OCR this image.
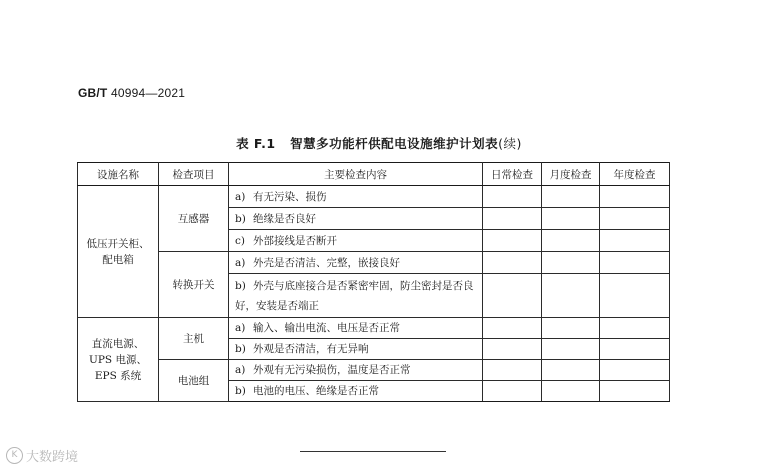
GB/T 40994—2021
表 F.1 智慧多功能杆供配电设施维护计划表(续)
设施名称	检查项目	主要检查内容	日常检查	月度检查	年度检查

低压开关柜、
配电箱	互感器	a) 有无污染、损伤			
		b) 绝缘是否良好			
		c) 外部接线是否断开			
	转换开关	a) 外壳是否清洁、完整，嵌接良好			
		b) 外壳与底座接合是否紧密牢固，防尘密封是否良好，安装是否端正			

直流电源、
UPS 电源、
EPS 系统	主机	a) 输入、输出电流、电压是否正常			
		b) 外观是否清洁，有无异响			
	电池组	a) 外观有无污染损伤，温度是否正常			
		b) 电池的电压、绝缘是否正常			
K 大数跨境
